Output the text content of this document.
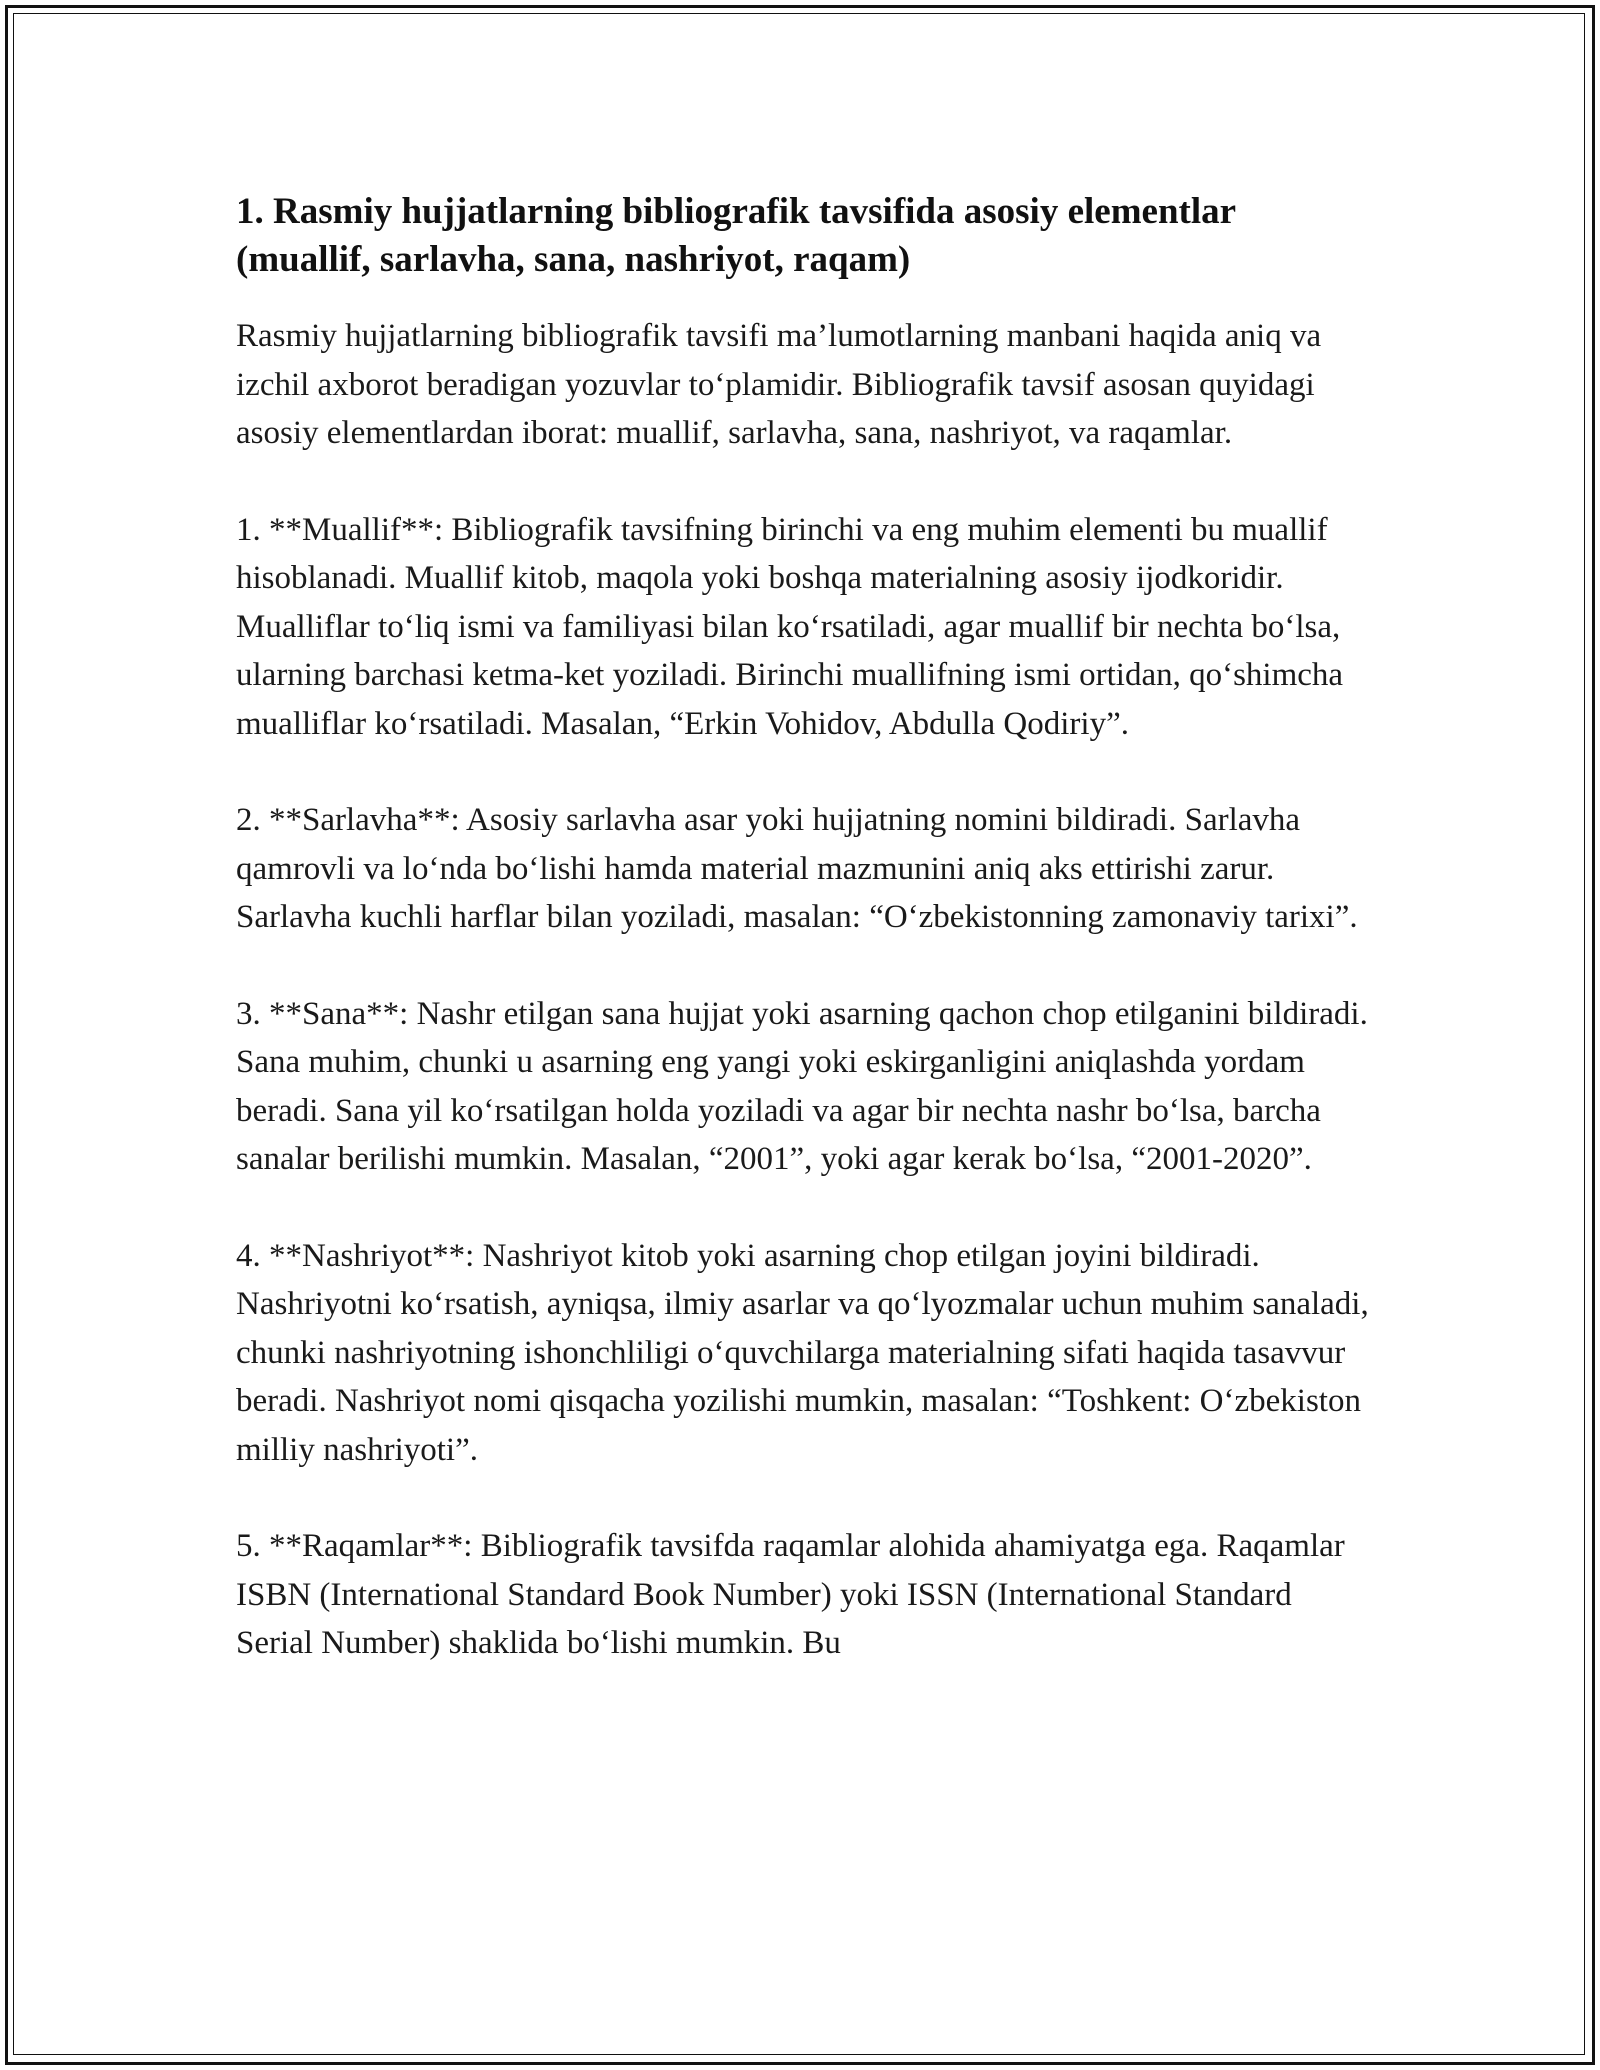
1. Rasmiy hujjatlarning bibliografik tavsifida asosiy elementlar (muallif, sarlavha, sana, nashriyot, raqam)

Rasmiy hujjatlarning bibliografik tavsifi ma’lumotlarning manbani haqida aniq va izchil axborot beradigan yozuvlar to‘plamidir. Bibliografik tavsif asosan quyidagi asosiy elementlardan iborat: muallif, sarlavha, sana, nashriyot, va raqamlar.

1. **Muallif**: Bibliografik tavsifning birinchi va eng muhim elementi bu muallif hisoblanadi. Muallif kitob, maqola yoki boshqa materialning asosiy ijodkoridir. Mualliflar to‘liq ismi va familiyasi bilan ko‘rsatiladi, agar muallif bir nechta bo‘lsa, ularning barchasi ketma-ket yoziladi. Birinchi muallifning ismi ortidan, qo‘shimcha mualliflar ko‘rsatiladi. Masalan, “Erkin Vohidov, Abdulla Qodiriy”.

2. **Sarlavha**: Asosiy sarlavha asar yoki hujjatning nomini bildiradi. Sarlavha qamrovli va lo‘nda bo‘lishi hamda material mazmunini aniq aks ettirishi zarur. Sarlavha kuchli harflar bilan yoziladi, masalan: “O‘zbekistonning zamonaviy tarixi”.

3. **Sana**: Nashr etilgan sana hujjat yoki asarning qachon chop etilganini bildiradi. Sana muhim, chunki u asarning eng yangi yoki eskirganligini aniqlashda yordam beradi. Sana yil ko‘rsatilgan holda yoziladi va agar bir nechta nashr bo‘lsa, barcha sanalar berilishi mumkin. Masalan, “2001”, yoki agar kerak bo‘lsa, “2001-2020”.

4. **Nashriyot**: Nashriyot kitob yoki asarning chop etilgan joyini bildiradi. Nashriyotni ko‘rsatish, ayniqsa, ilmiy asarlar va qo‘lyozmalar uchun muhim sanaladi, chunki nashriyotning ishonchliligi o‘quvchilarga materialning sifati haqida tasavvur beradi. Nashriyot nomi qisqacha yozilishi mumkin, masalan: “Toshkent: O‘zbekiston milliy nashriyoti”.

5. **Raqamlar**: Bibliografik tavsifda raqamlar alohida ahamiyatga ega. Raqamlar ISBN (International Standard Book Number) yoki ISSN (International Standard Serial Number) shaklida bo‘lishi mumkin. Bu
